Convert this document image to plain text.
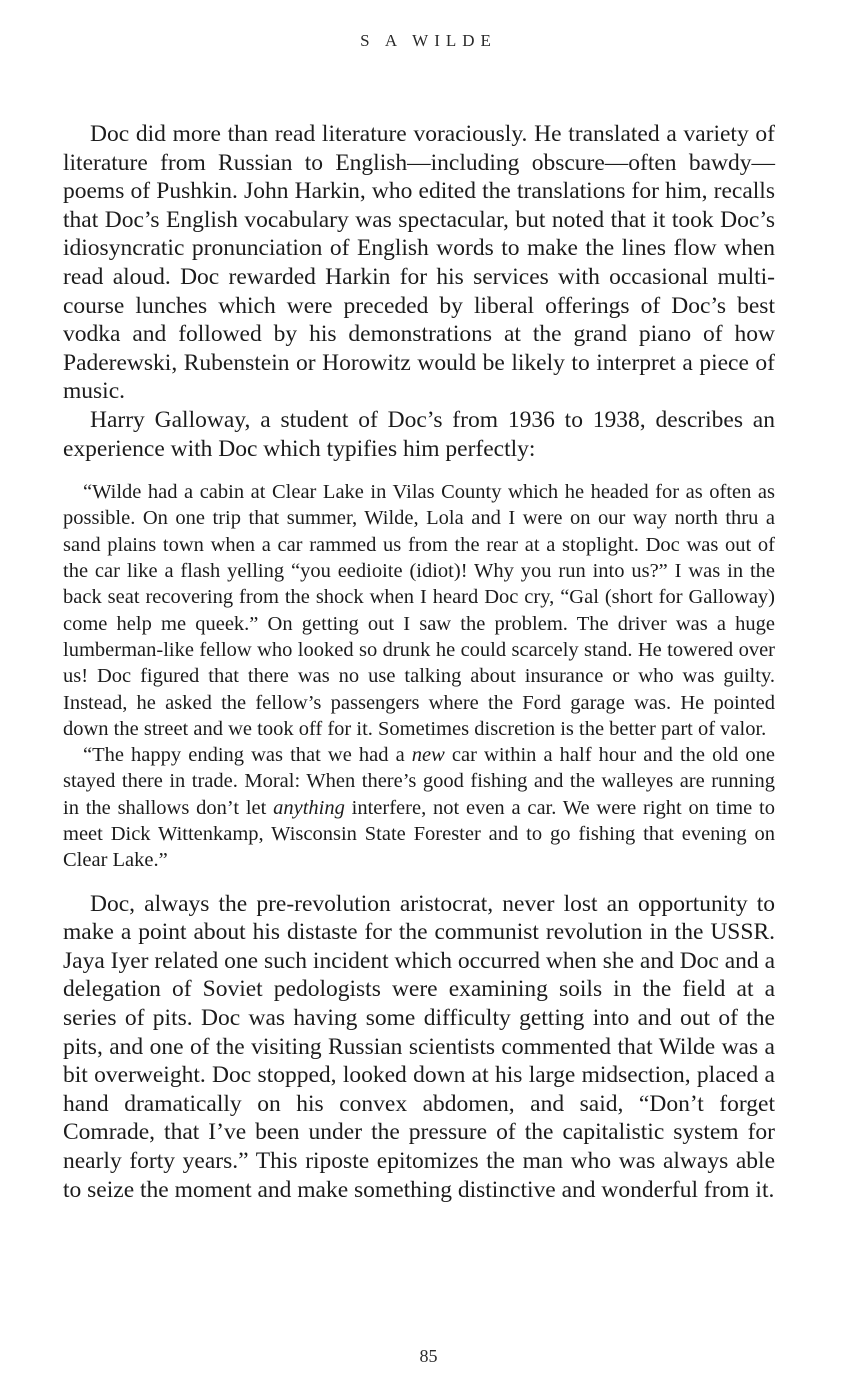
S A WILDE

Doc did more than read literature voraciously. He translated a variety of literature from Russian to English—including obscure—often bawdy—poems of Pushkin. John Harkin, who edited the translations for him, recalls that Doc’s English vocabulary was spectacular, but noted that it took Doc’s idiosyncratic pronunciation of English words to make the lines flow when read aloud. Doc rewarded Harkin for his services with occasional multi-course lunches which were preceded by liberal offerings of Doc’s best vodka and followed by his demonstrations at the grand piano of how Paderewski, Rubenstein or Horowitz would be likely to interpret a piece of music.

Harry Galloway, a student of Doc’s from 1936 to 1938, describes an experience with Doc which typifies him perfectly:

“Wilde had a cabin at Clear Lake in Vilas County which he headed for as often as possible. On one trip that summer, Wilde, Lola and I were on our way north thru a sand plains town when a car rammed us from the rear at a stoplight. Doc was out of the car like a flash yelling “you eedioite (idiot)! Why you run into us?” I was in the back seat recovering from the shock when I heard Doc cry, “Gal (short for Galloway) come help me queek.” On getting out I saw the problem. The driver was a huge lumberman-like fellow who looked so drunk he could scarcely stand. He towered over us! Doc figured that there was no use talking about insurance or who was guilty. Instead, he asked the fellow’s passengers where the Ford garage was. He pointed down the street and we took off for it. Sometimes discretion is the better part of valor.

“The happy ending was that we had a new car within a half hour and the old one stayed there in trade. Moral: When there’s good fishing and the walleyes are running in the shallows don’t let anything interfere, not even a car. We were right on time to meet Dick Wittenkamp, Wisconsin State Forester and to go fishing that evening on Clear Lake.”

Doc, always the pre-revolution aristocrat, never lost an opportunity to make a point about his distaste for the communist revolution in the USSR. Jaya Iyer related one such incident which occurred when she and Doc and a delegation of Soviet pedologists were examining soils in the field at a series of pits. Doc was having some difficulty getting into and out of the pits, and one of the visiting Russian scientists commented that Wilde was a bit overweight. Doc stopped, looked down at his large midsection, placed a hand dramatically on his convex abdomen, and said, “Don’t forget Comrade, that I’ve been under the pressure of the capitalistic system for nearly forty years.” This riposte epitomizes the man who was always able to seize the moment and make something distinctive and wonderful from it.

85
